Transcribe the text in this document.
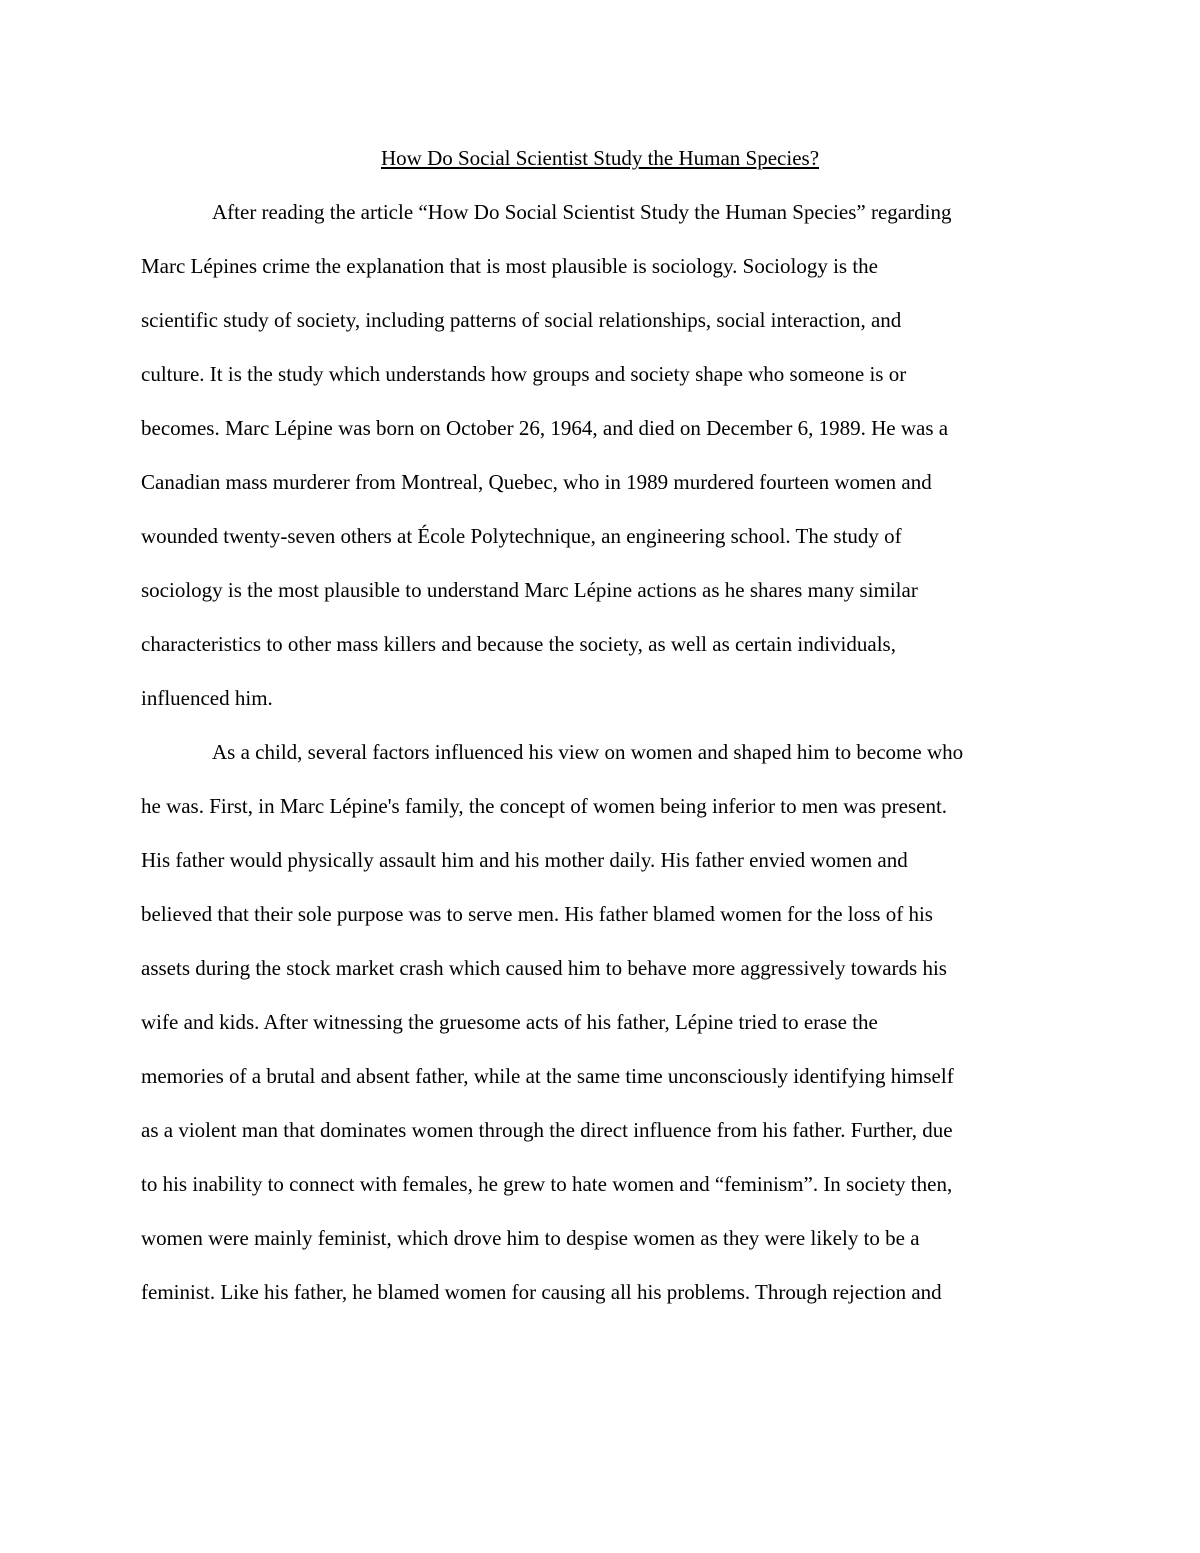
How Do Social Scientist Study the Human Species?
After reading the article “How Do Social Scientist Study the Human Species” regarding
Marc Lépines crime the explanation that is most plausible is sociology. Sociology is the
scientific study of society, including patterns of social relationships, social interaction, and
culture. It is the study which understands how groups and society shape who someone is or
becomes. Marc Lépine was born on October 26, 1964, and died on December 6, 1989. He was a
Canadian mass murderer from Montreal, Quebec, who in 1989 murdered fourteen women and
wounded twenty-seven others at École Polytechnique, an engineering school. The study of
sociology is the most plausible to understand Marc Lépine actions as he shares many similar
characteristics to other mass killers and because the society, as well as certain individuals,
influenced him.
As a child, several factors influenced his view on women and shaped him to become who
he was. First, in Marc Lépine's family, the concept of women being inferior to men was present.
His father would physically assault him and his mother daily. His father envied women and
believed that their sole purpose was to serve men. His father blamed women for the loss of his
assets during the stock market crash which caused him to behave more aggressively towards his
wife and kids. After witnessing the gruesome acts of his father, Lépine tried to erase the
memories of a brutal and absent father, while at the same time unconsciously identifying himself
as a violent man that dominates women through the direct influence from his father. Further, due
to his inability to connect with females, he grew to hate women and “feminism”. In society then,
women were mainly feminist, which drove him to despise women as they were likely to be a
feminist. Like his father, he blamed women for causing all his problems. Through rejection and
